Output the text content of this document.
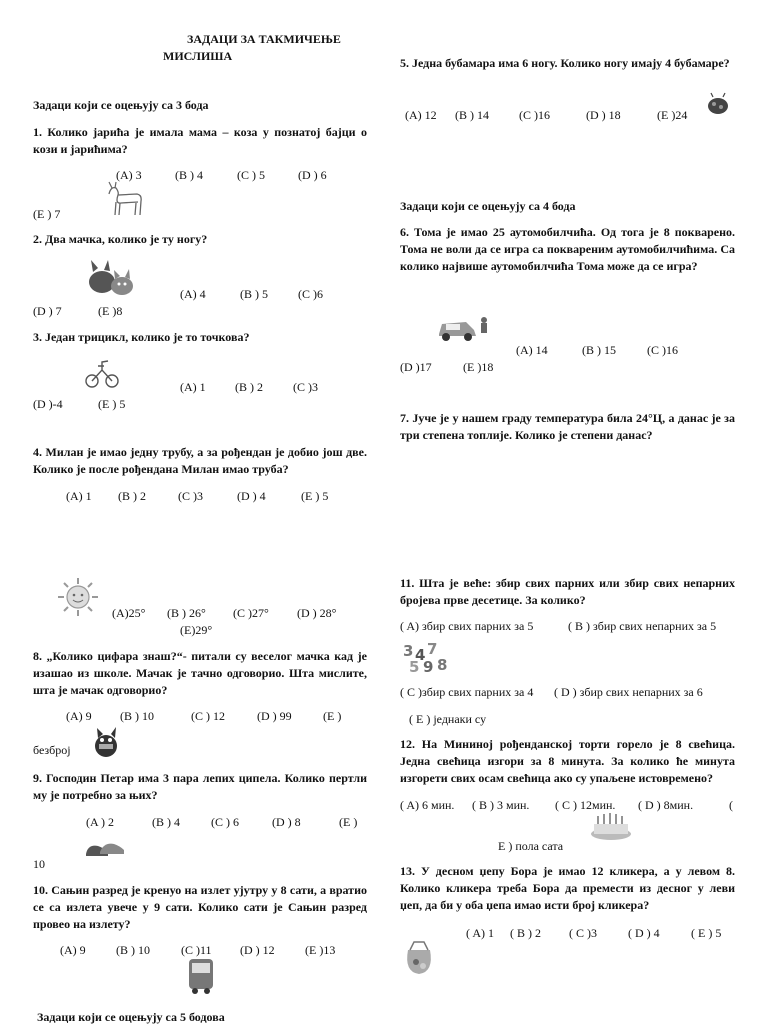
ЗАДАЦИ ЗА ТАКМИЧЕЊЕ
МИСЛИША
Задаци који се оцењују са 3 бода
1. Колико јарића је имала мама – коза у познатој бајци о кози и јарићима?
(A) 3	(B ) 4	(C ) 5	(D ) 6
(E ) 7
2. Два мачка, колико је ту ногу?
(A) 4	(B ) 5	(C )6
(D ) 7	(E )8
3. Један трицикл, колико је то точкова?
(A) 1 (B ) 2	(C )3
(D )-4	(E ) 5
4. Милан је имао једну трубу, а за рођендан је добио још две. Колико је после рођендана Милан имао труба?
(A) 1 (B ) 2	(C )3	(D ) 4	(E ) 5
(A)25° (B ) 26° (C )27° (D ) 28°
(E)29°
8. „Колико цифара знаш?“- питали су веселог мачка кад је изашао из школе. Мачак је тачно одговорио. Шта мислите, шта је мачак одговорио?
(A) 9 (B ) 10	(C ) 12	(D ) 99	(E )
безброј
9. Господин Петар има 3 пара лепих ципела. Колико пертли му је потребно за њих?
(A ) 2	(B ) 4	(C ) 6	(D ) 8	(E )
10
10. Сањин разред је кренуо на излет ујутру у 8 сати, а вратио се са излета увече у 9 сати. Колико сати је Сањин разред провео на излету?
(A) 9	(B ) 10	(C )11 (D ) 12	(E )13
Задаци који се оцењују са 5 бодова
5. Једна бубамара има 6 ногу. Колико ногу имају 4 бубамаре?
(A) 12 (B ) 14	(C )16	(D ) 18	(E )24
Задаци који се оцењују са 4 бода
6. Тома је имао 25 аутомобилчића. Од тога је 8 покварено. Тома не воли да се игра са поквареним аутомобилчићима. Са колико највише аутомобилчића Тома може да се игра?
(A) 14	(B ) 15	(C )16
(D )17	(E )18
7. Јуче је у нашем граду температура била 24°Ц, а данас је за три степена топлије. Колико је степени данас?
11. Шта је веће: збир свих парних или збир свих непарних бројева прве десетице. За колико?
( A) збир свих парних за 5	( B ) збир свих непарних за 5
3 4 7
5 9 8
( C )збир свих парних за 4 ( D ) збир свих непарних за 6
( E ) једнаки су
12. На Мининој рођенданској торти горело је 8 свећица. Једна свећица изгори за 8 минута. За колико ће минута изгорети свих осам свећица ако су упаљене истовремено?
( A) 6 мин. ( B ) 3 мин. ( C ) 12мин. ( D ) 8мин.	(
E ) пола сата
13. У десном џепу Бора је имао 12 кликера, а у левом 8. Колико кликера треба Бора да премести из десног у леви џеп, да би у оба џепа имао исти број кликера?
( A) 1 ( B ) 2 ( C )3	( D ) 4	( E ) 5
